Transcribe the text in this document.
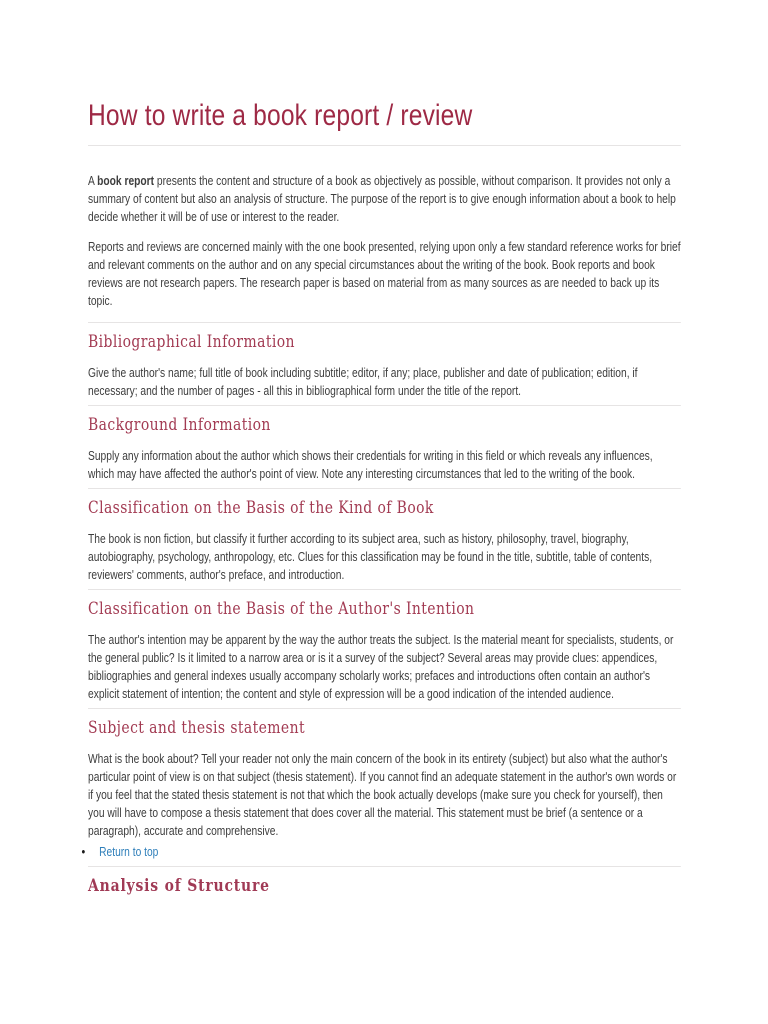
How to write a book report / review

A book report presents the content and structure of a book as objectively as possible, without comparison. It provides not only a summary of content but also an analysis of structure. The purpose of the report is to give enough information about a book to help decide whether it will be of use or interest to the reader.

Reports and reviews are concerned mainly with the one book presented, relying upon only a few standard reference works for brief and relevant comments on the author and on any special circumstances about the writing of the book. Book reports and book reviews are not research papers. The research paper is based on material from as many sources as are needed to back up its topic.

Bibliographical Information

Give the author's name; full title of book including subtitle; editor, if any; place, publisher and date of publication; edition, if necessary; and the number of pages - all this in bibliographical form under the title of the report.

Background Information

Supply any information about the author which shows their credentials for writing in this field or which reveals any influences, which may have affected the author's point of view. Note any interesting circumstances that led to the writing of the book.

Classification on the Basis of the Kind of Book

The book is non fiction, but classify it further according to its subject area, such as history, philosophy, travel, biography, autobiography, psychology, anthropology, etc. Clues for this classification may be found in the title, subtitle, table of contents, reviewers' comments, author's preface, and introduction.

Classification on the Basis of the Author's Intention

The author's intention may be apparent by the way the author treats the subject. Is the material meant for specialists, students, or the general public? Is it limited to a narrow area or is it a survey of the subject? Several areas may provide clues: appendices, bibliographies and general indexes usually accompany scholarly works; prefaces and introductions often contain an author's explicit statement of intention; the content and style of expression will be a good indication of the intended audience.

Subject and thesis statement

What is the book about? Tell your reader not only the main concern of the book in its entirety (subject) but also what the author's particular point of view is on that subject (thesis statement). If you cannot find an adequate statement in the author's own words or if you feel that the stated thesis statement is not that which the book actually develops (make sure you check for yourself), then you will have to compose a thesis statement that does cover all the material. This statement must be brief (a sentence or a paragraph), accurate and comprehensive.

• Return to top
Analysis of Structure
